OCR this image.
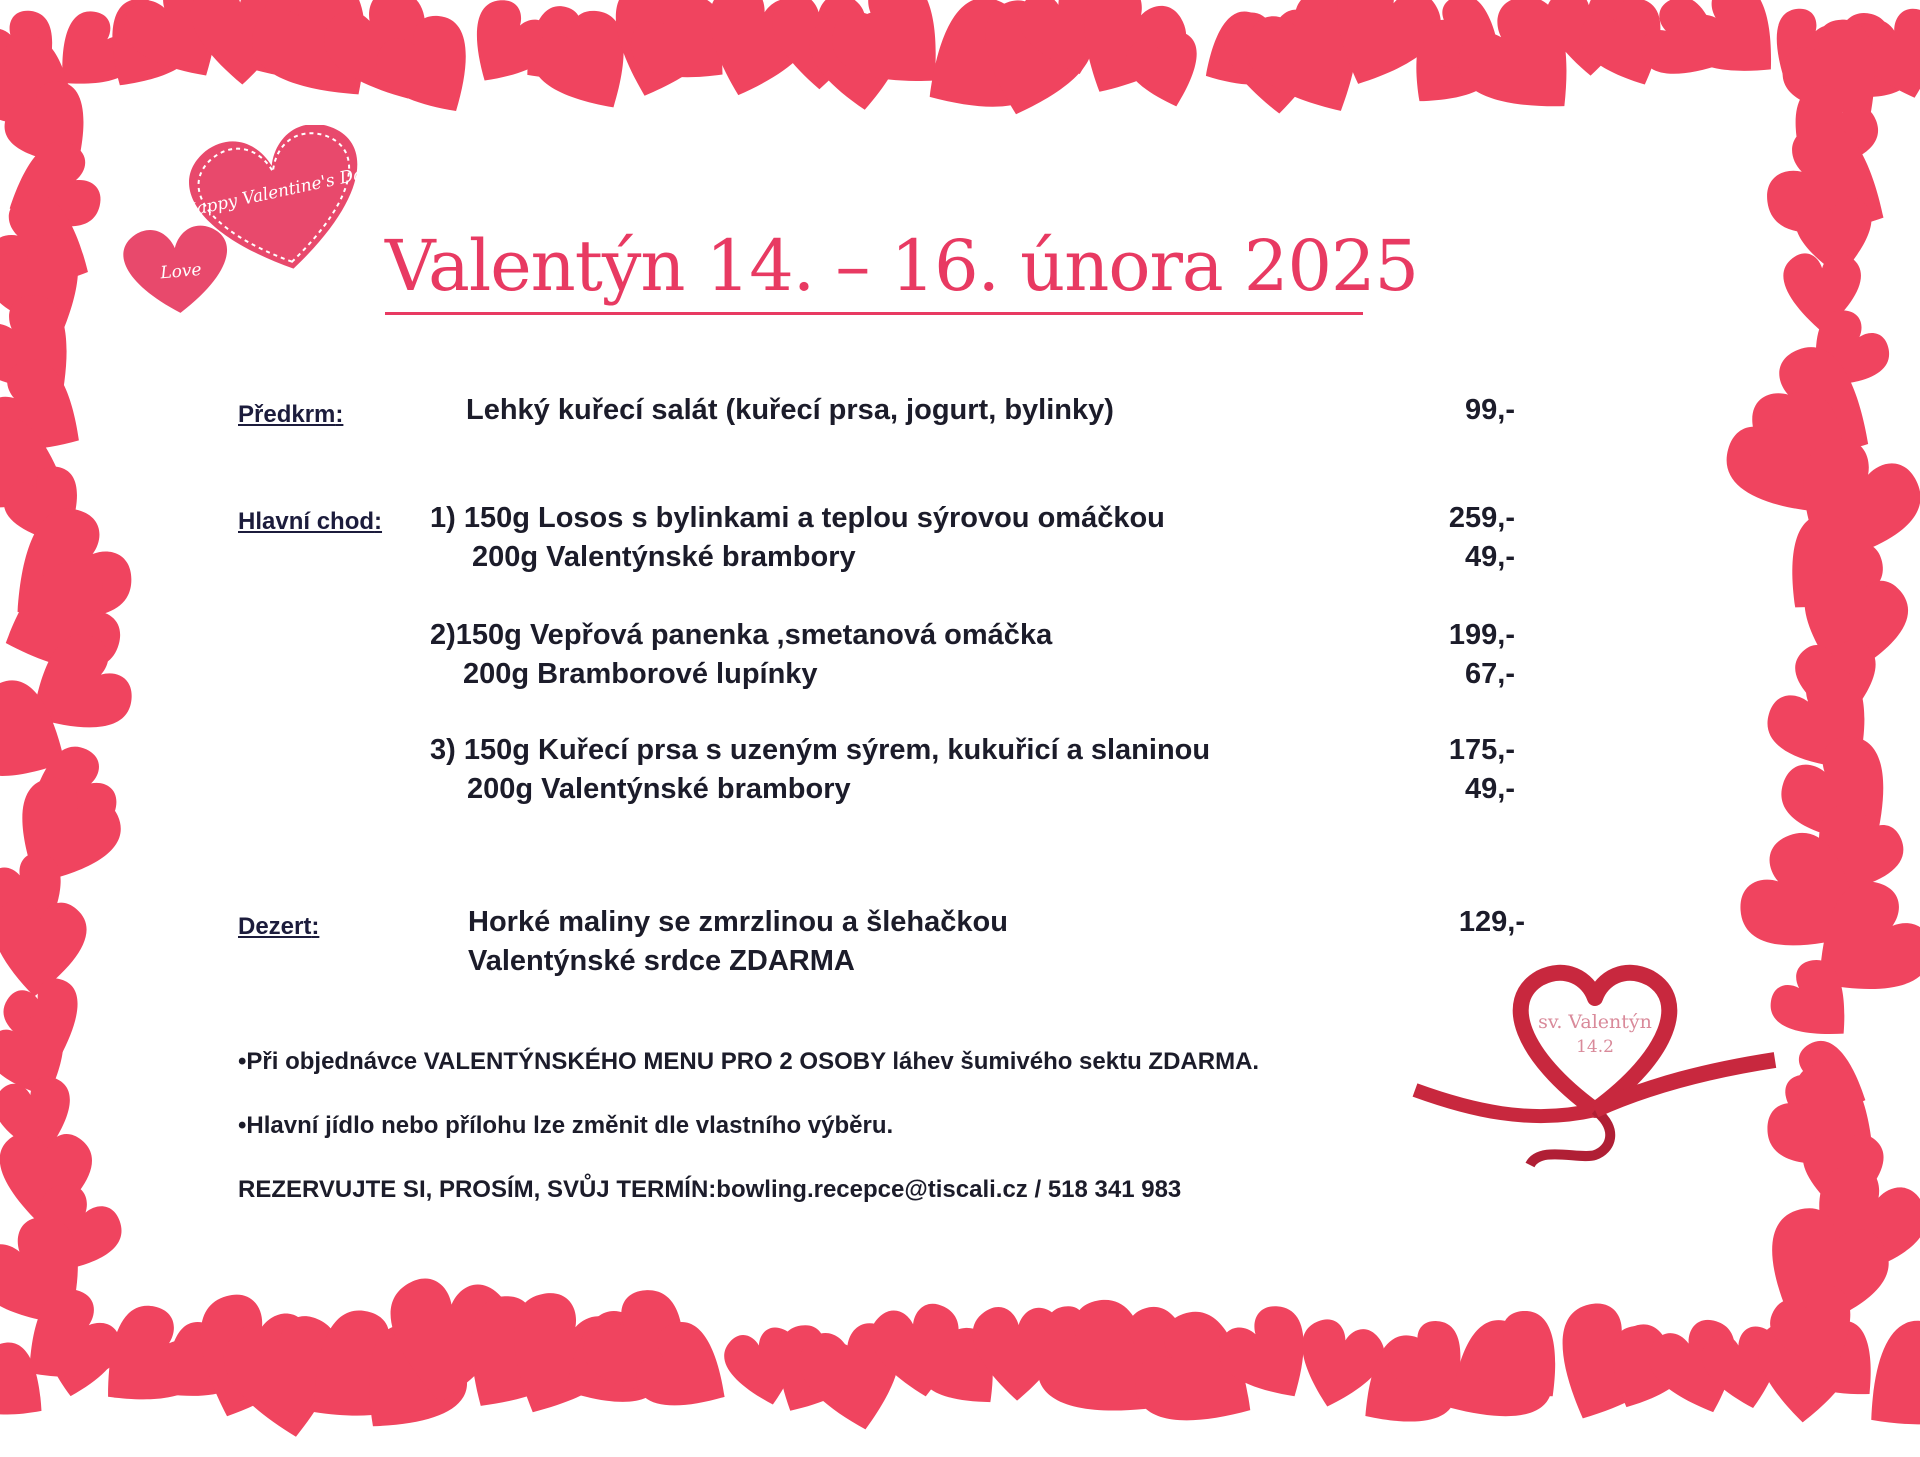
Happy Valentine's Day
Love	Valentýn 14. – 16. února 2025
Předkrm:	Lehký kuřecí salát (kuřecí prsa, jogurt, bylinky)	99,-
Hlavní chod: 1) 150g Losos s bylinkami a teplou sýrovou omáčkou	259,-
200g Valentýnské brambory	49,-
2)150g Vepřová panenka ,smetanová omáčka	199,-
200g Bramborové lupínky	67,-
3) 150g Kuřecí prsa s uzeným sýrem, kukuřicí a slaninou	175,-
200g Valentýnské brambory	49,-
Dezert:	Horké maliny se zmrzlinou a šlehačkou	129,-
Valentýnské srdce ZDARMA
•Při objednávce VALENTÝNSKÉHO MENU PRO 2 OSOBY láhev šumivého sektu ZDARMA.
•Hlavní jídlo nebo přílohu lze změnit dle vlastního výběru.
REZERVUJTE SI, PROSÍM, SVŮJ TERMÍN:bowling.recepce@tiscali.cz / 518 341 983
sv. Valentýn
14.2
